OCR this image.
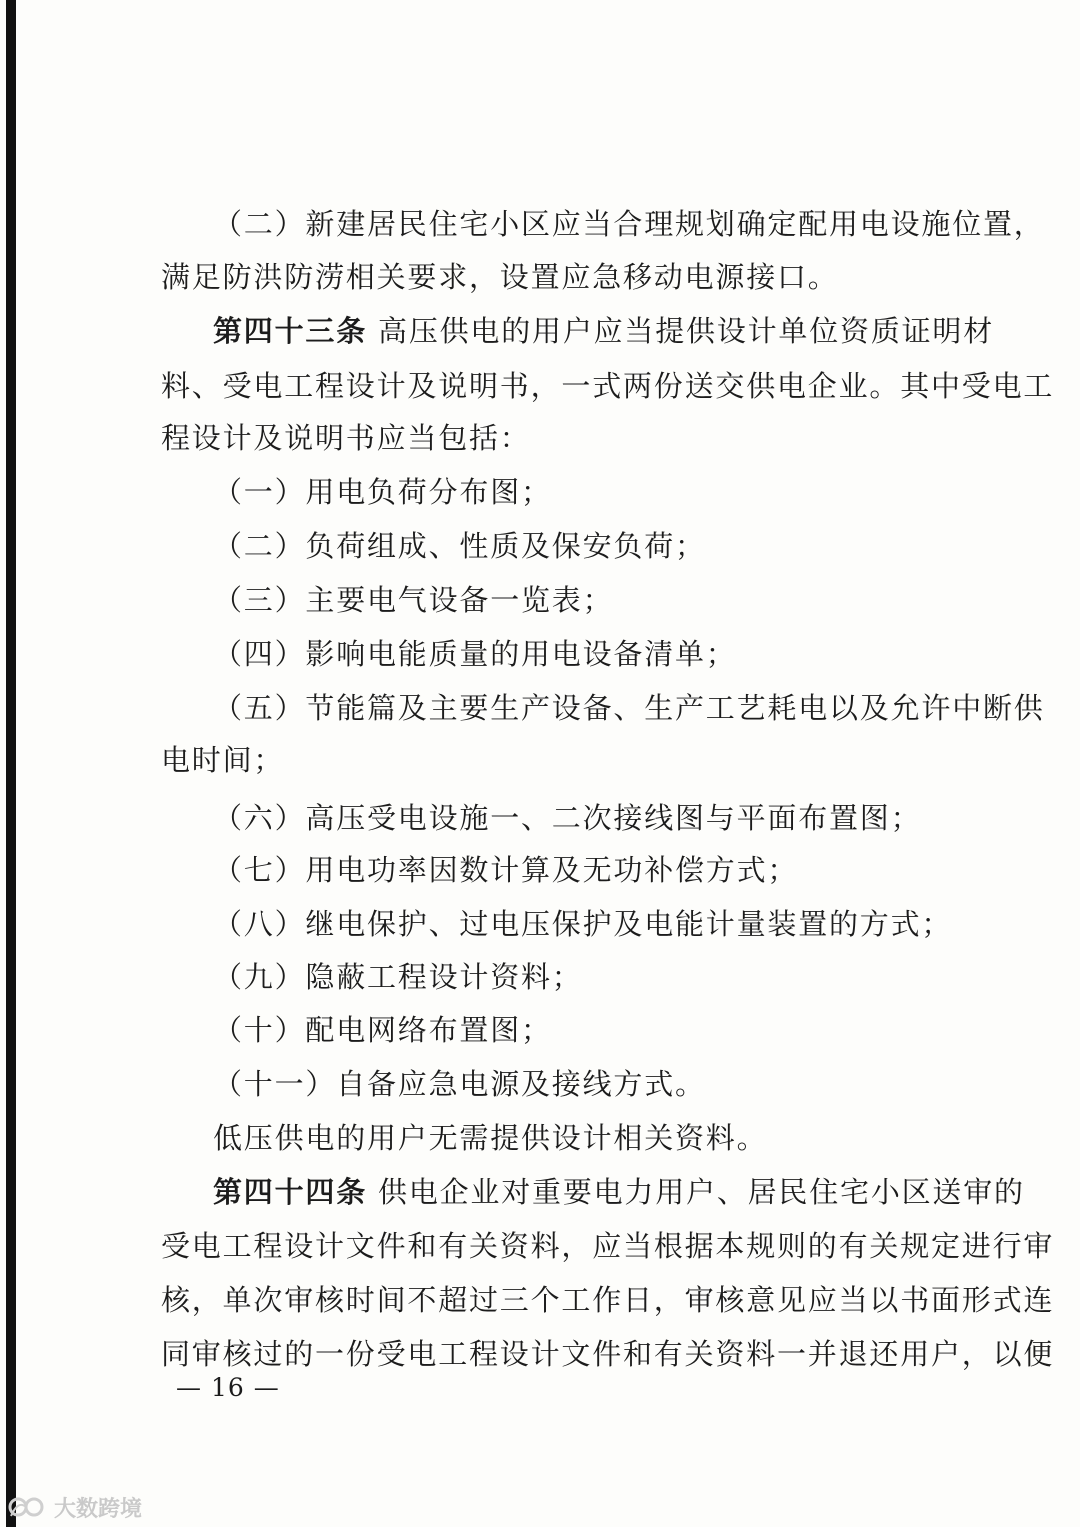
（二）新建居民住宅小区应当合理规划确定配用电设施位置，
满足防洪防涝相关要求，设置应急移动电源接口。
第四十三条 高压供电的用户应当提供设计单位资质证明材
料、受电工程设计及说明书，一式两份送交供电企业。其中受电工
程设计及说明书应当包括：
（一）用电负荷分布图；
（二）负荷组成、性质及保安负荷；
（三）主要电气设备一览表；
（四）影响电能质量的用电设备清单；
（五）节能篇及主要生产设备、生产工艺耗电以及允许中断供
电时间；
（六）高压受电设施一、二次接线图与平面布置图；
（七）用电功率因数计算及无功补偿方式；
（八）继电保护、过电压保护及电能计量装置的方式；
（九）隐蔽工程设计资料；
（十）配电网络布置图；
（十一）自备应急电源及接线方式。
低压供电的用户无需提供设计相关资料。
第四十四条 供电企业对重要电力用户、居民住宅小区送审的
受电工程设计文件和有关资料，应当根据本规则的有关规定进行审
核，单次审核时间不超过三个工作日，审核意见应当以书面形式连
同审核过的一份受电工程设计文件和有关资料一并退还用户，以便
— 16 —
大数跨境
